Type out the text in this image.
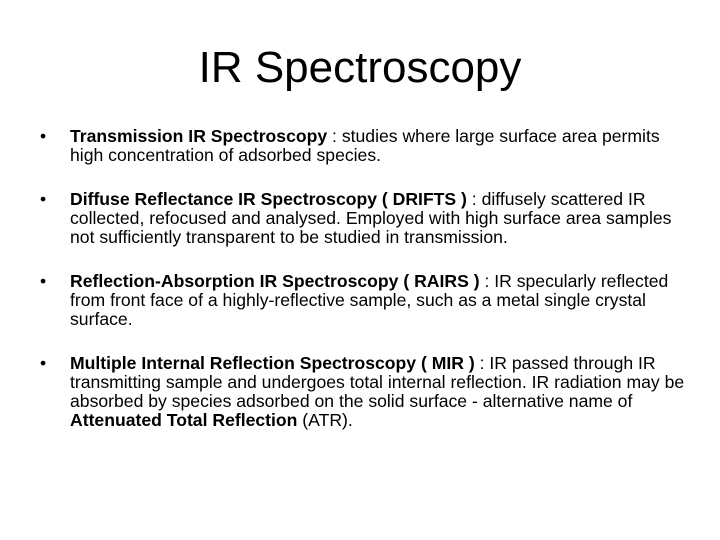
IR Spectroscopy
• Transmission IR Spectroscopy : studies where large surface area permits high concentration of adsorbed species.
• Diffuse Reflectance IR Spectroscopy ( DRIFTS ) : diffusely scattered IR collected, refocused and analysed. Employed with high surface area samples not sufficiently transparent to be studied in transmission.
• Reflection-Absorption IR Spectroscopy ( RAIRS ) : IR specularly reflected from front face of a highly-reflective sample, such as a metal single crystal surface.
• Multiple Internal Reflection Spectroscopy ( MIR ) : IR passed through IR transmitting sample and undergoes total internal reflection. IR radiation may be absorbed by species adsorbed on the solid surface - alternative name of Attenuated Total Reflection (ATR).
